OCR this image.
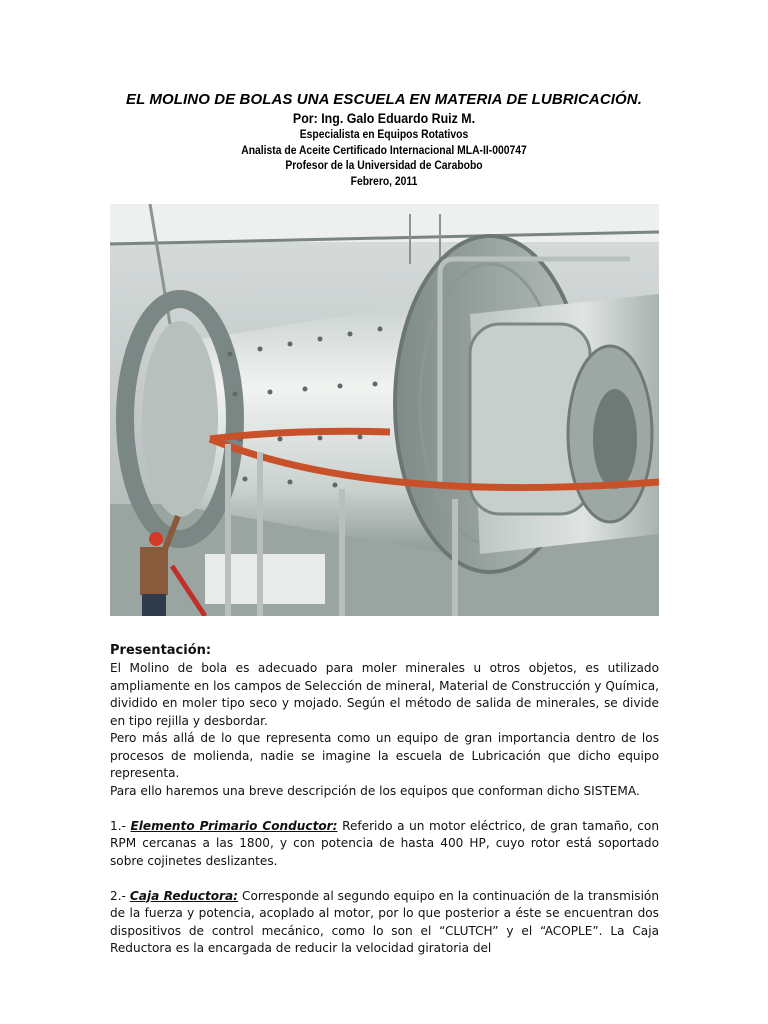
EL MOLINO DE BOLAS UNA ESCUELA EN MATERIA DE LUBRICACIÓN.
Por: Ing. Galo Eduardo Ruiz M.
Especialista en Equipos Rotativos
Analista de Aceite Certificado Internacional MLA-II-000747
Profesor de la Universidad de Carabobo
Febrero, 2011

Presentación:

El Molino de bola es adecuado para moler minerales u otros objetos, es utilizado ampliamente en los campos de Selección de mineral, Material de Construcción y Química, dividido en moler tipo seco y mojado. Según el método de salida de minerales, se divide en tipo rejilla y desbordar.

Pero más allá de lo que representa como un equipo de gran importancia dentro de los procesos de molienda, nadie se imagine la escuela de Lubricación que dicho equipo representa.

Para ello haremos una breve descripción de los equipos que conforman dicho SISTEMA.

1.- Elemento Primario Conductor: Referido a un motor eléctrico, de gran tamaño, con RPM cercanas a las 1800, y con potencia de hasta 400 HP, cuyo rotor está soportado sobre cojinetes deslizantes.

2.- Caja Reductora: Corresponde al segundo equipo en la continuación de la transmisión de la fuerza y potencia, acoplado al motor, por lo que posterior a éste se encuentran dos dispositivos de control mecánico, como lo son el “CLUTCH” y el “ACOPLE”. La Caja Reductora es la encargada de reducir la velocidad giratoria del
